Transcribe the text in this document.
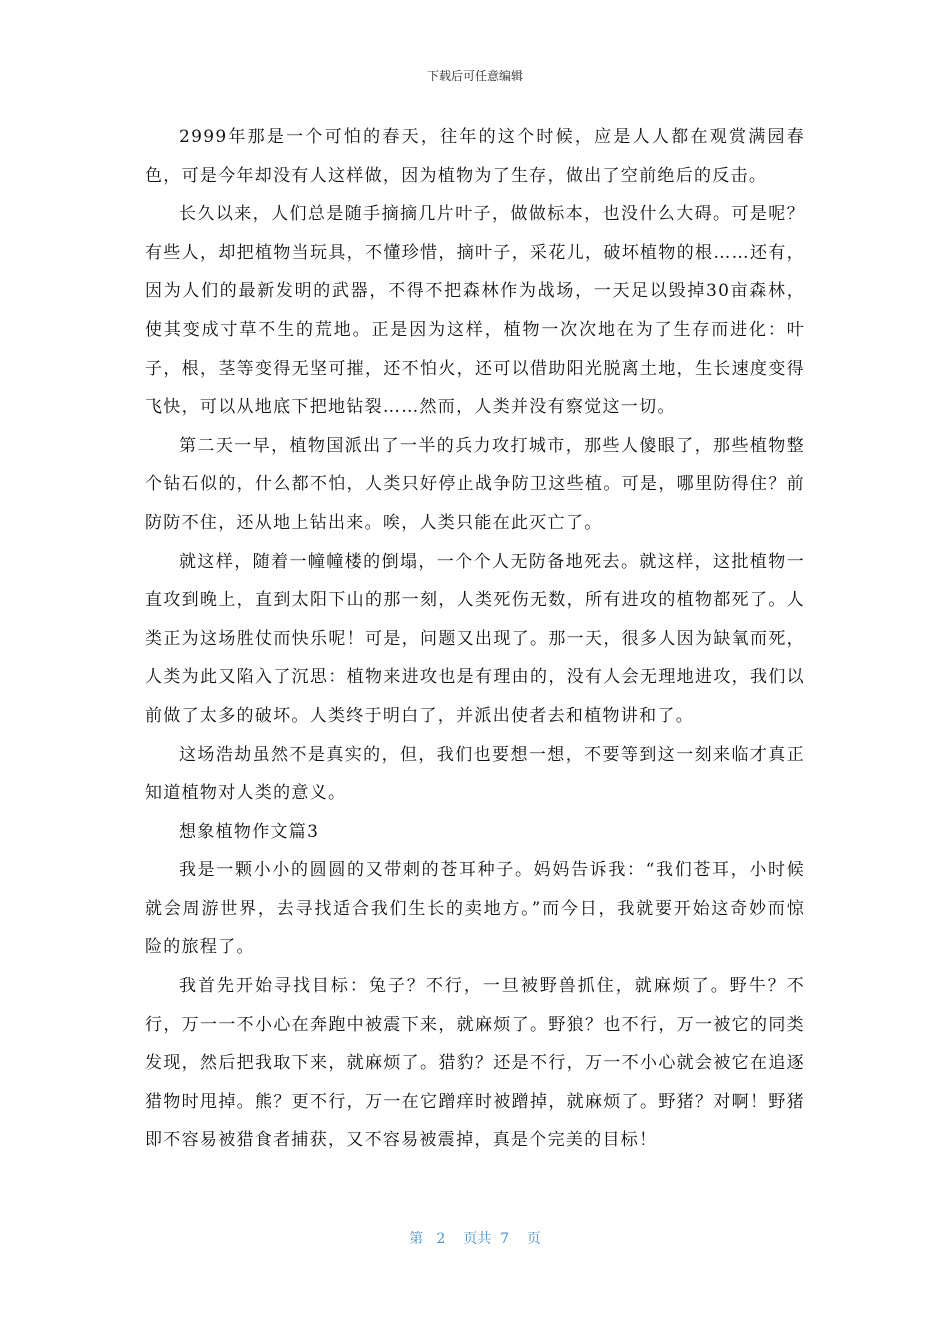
下载后可任意编辑

2999年那是一个可怕的春天，往年的这个时候，应是人人都在观赏满园春色，可是今年却没有人这样做，因为植物为了生存，做出了空前绝后的反击。

长久以来，人们总是随手摘摘几片叶子，做做标本，也没什么大碍。可是呢？有些人，却把植物当玩具，不懂珍惜，摘叶子，采花儿，破坏植物的根……还有，因为人们的最新发明的武器，不得不把森林作为战场，一天足以毁掉30亩森林，使其变成寸草不生的荒地。正是因为这样，植物一次次地在为了生存而进化：叶子，根，茎等变得无坚可摧，还不怕火，还可以借助阳光脱离土地，生长速度变得飞快，可以从地底下把地钻裂……然而，人类并没有察觉这一切。

第二天一早，植物国派出了一半的兵力攻打城市，那些人傻眼了，那些植物整个钻石似的，什么都不怕，人类只好停止战争防卫这些植。可是，哪里防得住？前防防不住，还从地上钻出来。唉，人类只能在此灭亡了。

就这样，随着一幢幢楼的倒塌，一个个人无防备地死去。就这样，这批植物一直攻到晚上，直到太阳下山的那一刻，人类死伤无数，所有进攻的植物都死了。人类正为这场胜仗而快乐呢！可是，问题又出现了。那一天，很多人因为缺氧而死，人类为此又陷入了沉思：植物来进攻也是有理由的，没有人会无理地进攻，我们以前做了太多的破坏。人类终于明白了，并派出使者去和植物讲和了。

这场浩劫虽然不是真实的，但，我们也要想一想，不要等到这一刻来临才真正知道植物对人类的意义。

想象植物作文篇3

我是一颗小小的圆圆的又带刺的苍耳种子。妈妈告诉我：“我们苍耳，小时候就会周游世界，去寻找适合我们生长的卖地方。”而今日，我就要开始这奇妙而惊险的旅程了。

我首先开始寻找目标：兔子？不行，一旦被野兽抓住，就麻烦了。野牛？不行，万一一不小心在奔跑中被震下来，就麻烦了。野狼？也不行，万一被它的同类发现，然后把我取下来，就麻烦了。猎豹？还是不行，万一不小心就会被它在追逐猎物时甩掉。熊？更不行，万一在它蹭痒时被蹭掉，就麻烦了。野猪？对啊！野猪即不容易被猎食者捕获，又不容易被震掉，真是个完美的目标！

第 2 页共 7 页
